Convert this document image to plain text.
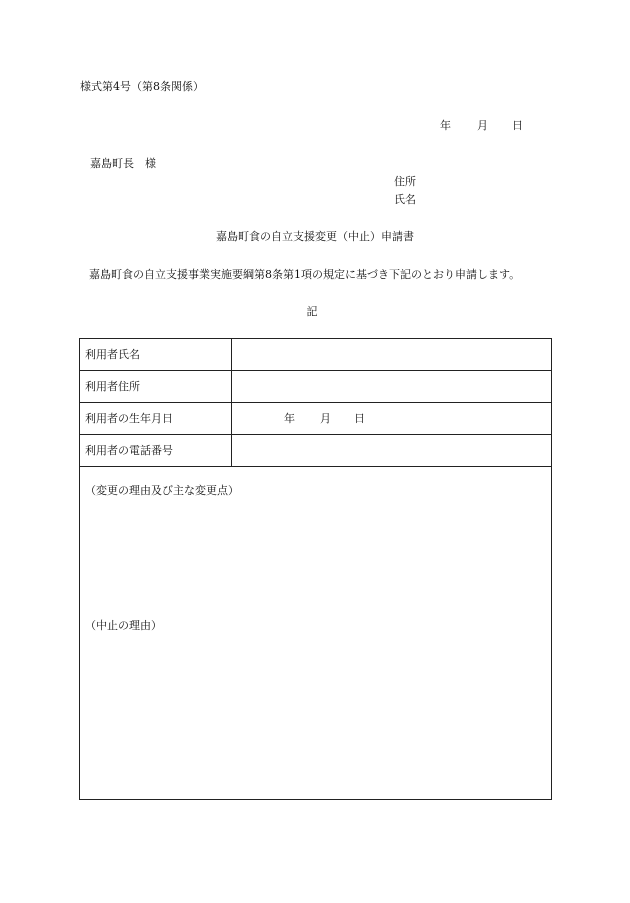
様式第4号（第8条関係）
年 月 日
嘉島町長　様
住所
氏名
嘉島町食の自立支援変更（中止）申請書
嘉島町食の自立支援事業実施要綱第8条第1項の規定に基づき下記のとおり申請します。
記
利用者氏名
利用者住所
利用者の生年月日	年 月 日
利用者の電話番号
（変更の理由及び主な変更点）
（中止の理由）
